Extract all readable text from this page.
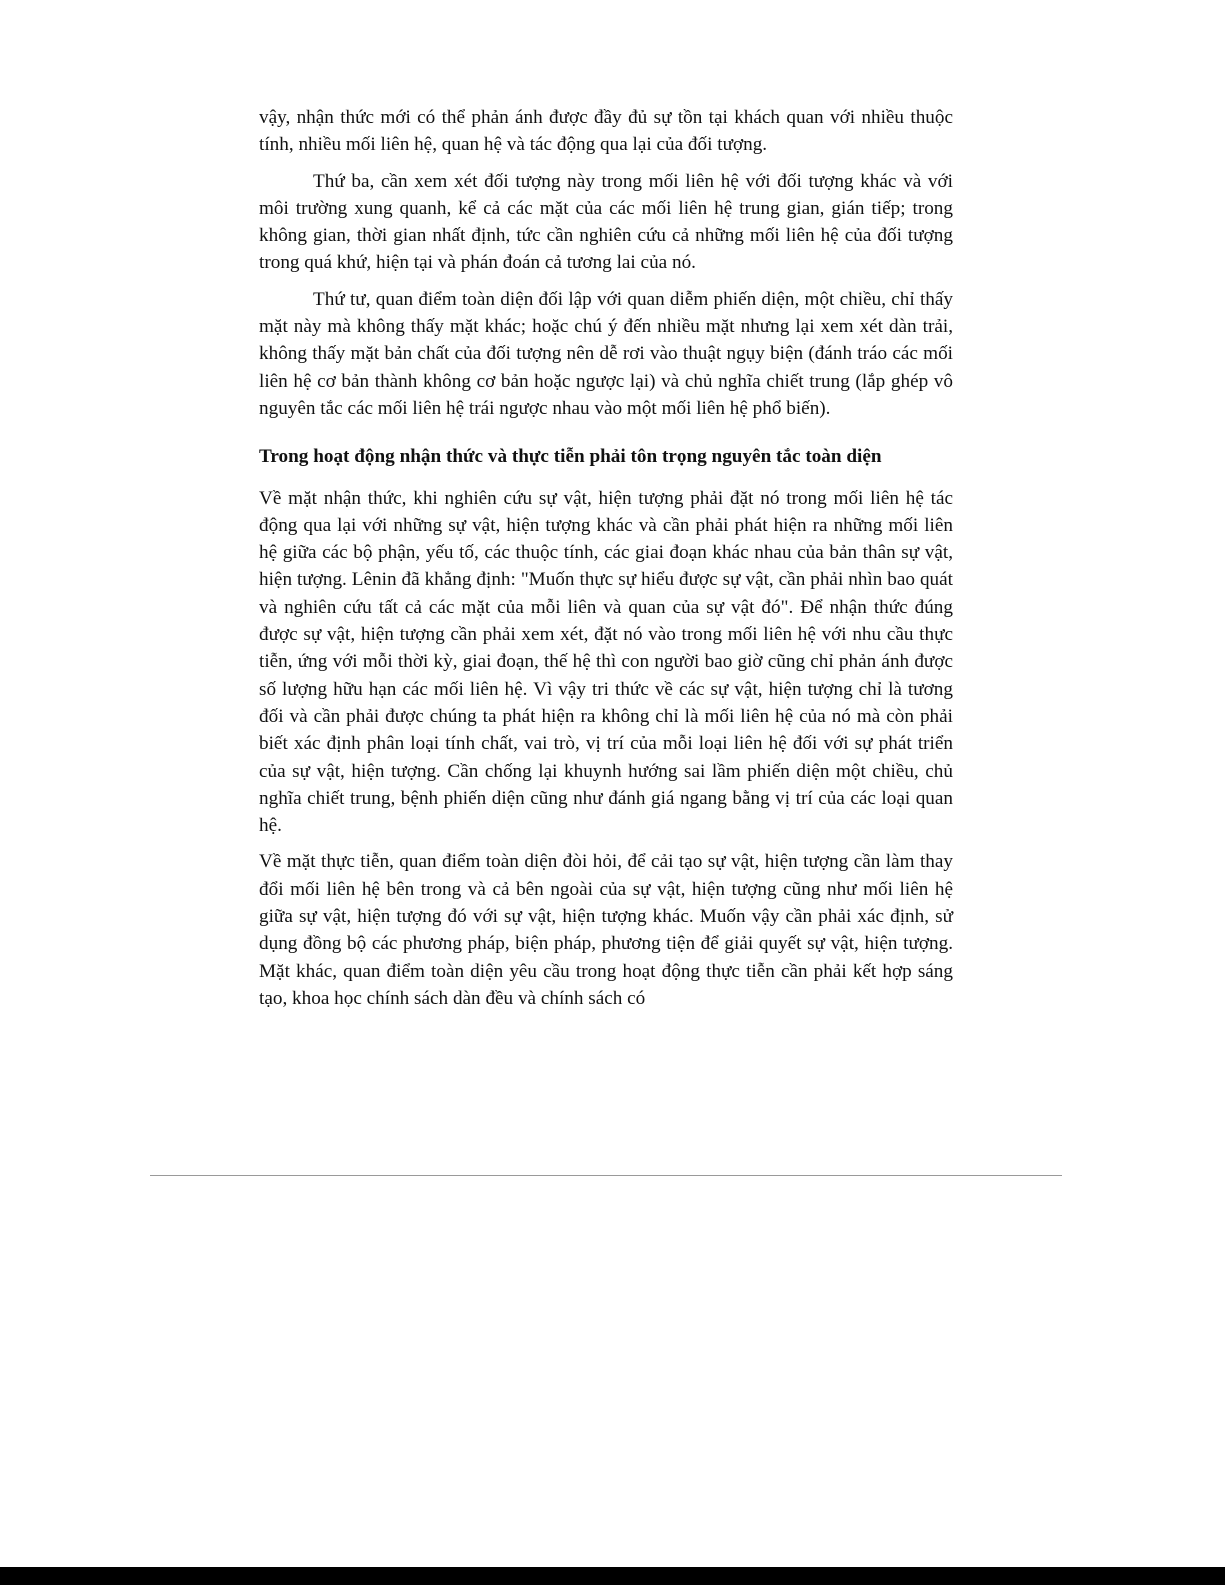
vậy, nhận thức mới có thể phản ánh được đầy đủ sự tồn tại khách quan với nhiều thuộc tính, nhiều mối liên hệ, quan hệ và tác động qua lại của đối tượng.

Thứ ba, cần xem xét đối tượng này trong mối liên hệ với đối tượng khác và với môi trường xung quanh, kể cả các mặt của các mối liên hệ trung gian, gián tiếp; trong không gian, thời gian nhất định, tức cần nghiên cứu cả những mối liên hệ của đối tượng trong quá khứ, hiện tại và phán đoán cả tương lai của nó.

Thứ tư, quan điểm toàn diện đối lập với quan diễm phiến diện, một chiều, chỉ thấy mặt này mà không thấy mặt khác; hoặc chú ý đến nhiều mặt nhưng lại xem xét dàn trải, không thấy mặt bản chất của đối tượng nên dễ rơi vào thuật ngụy biện (đánh tráo các mối liên hệ cơ bản thành không cơ bản hoặc ngược lại) và chủ nghĩa chiết trung (lắp ghép vô nguyên tắc các mối liên hệ trái ngược nhau vào một mối liên hệ phổ biến).

Trong hoạt động nhận thức và thực tiễn phải tôn trọng nguyên tắc toàn diện

Về mặt nhận thức, khi nghiên cứu sự vật, hiện tượng phải đặt nó trong mối liên hệ tác động qua lại với những sự vật, hiện tượng khác và cần phải phát hiện ra những mối liên hệ giữa các bộ phận, yếu tố, các thuộc tính, các giai đoạn khác nhau của bản thân sự vật, hiện tượng. Lênin đã khẳng định: "Muốn thực sự hiểu được sự vật, cần phải nhìn bao quát và nghiên cứu tất cả các mặt của mỗi liên và quan của sự vật đó". Để nhận thức đúng được sự vật, hiện tượng cần phải xem xét, đặt nó vào trong mối liên hệ với nhu cầu thực tiễn, ứng với mỗi thời kỳ, giai đoạn, thế hệ thì con người bao giờ cũng chỉ phản ánh được số lượng hữu hạn các mối liên hệ. Vì vậy tri thức về các sự vật, hiện tượng chỉ là tương đối và cần phải được chúng ta phát hiện ra không chỉ là mối liên hệ của nó mà còn phải biết xác định phân loại tính chất, vai trò, vị trí của mỗi loại liên hệ đối với sự phát triển của sự vật, hiện tượng. Cần chống lại khuynh hướng sai lầm phiến diện một chiều, chủ nghĩa chiết trung, bệnh phiến diện cũng như đánh giá ngang bằng vị trí của các loại quan hệ.

Về mặt thực tiễn, quan điểm toàn diện đòi hỏi, để cải tạo sự vật, hiện tượng cần làm thay đổi mối liên hệ bên trong và cả bên ngoài của sự vật, hiện tượng cũng như mối liên hệ giữa sự vật, hiện tượng đó với sự vật, hiện tượng khác. Muốn vậy cần phải xác định, sử dụng đồng bộ các phương pháp, biện pháp, phương tiện để giải quyết sự vật, hiện tượng. Mặt khác, quan điểm toàn diện yêu cầu trong hoạt động thực tiễn cần phải kết hợp sáng tạo, khoa học chính sách dàn đều và chính sách có
